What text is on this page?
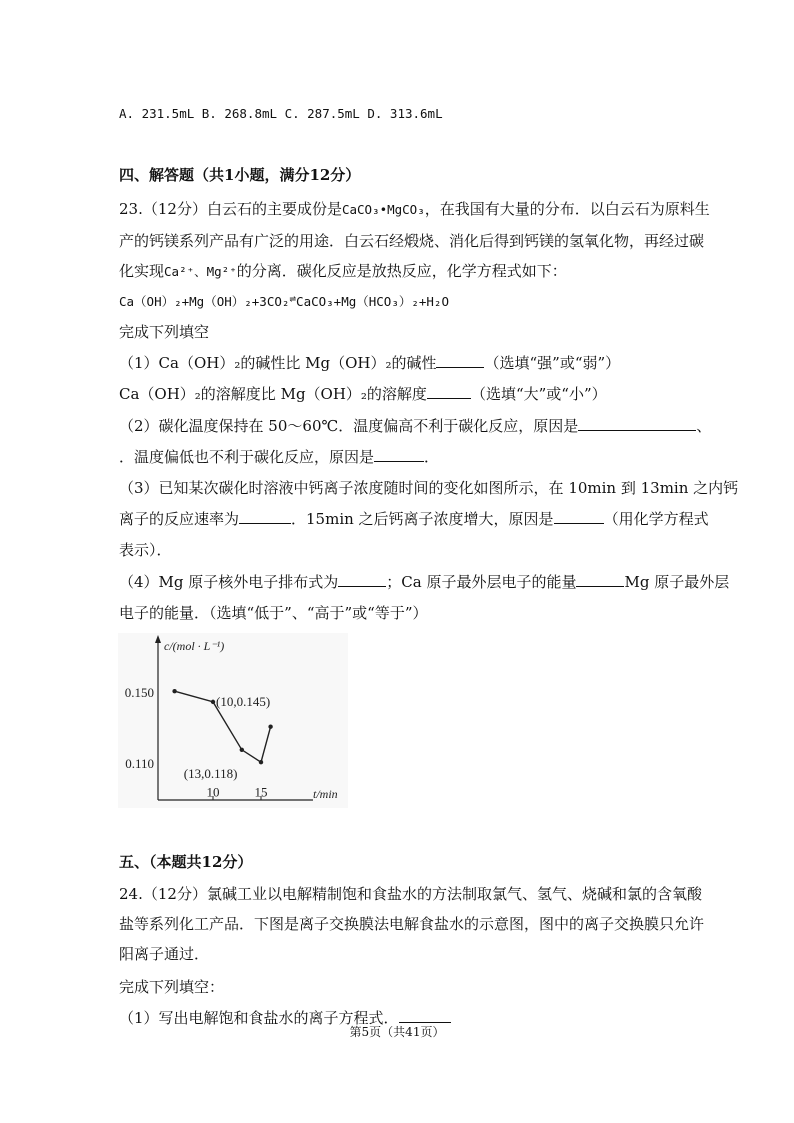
A. 231.5mL B. 268.8mL C. 287.5mL D. 313.6mL
四、解答题（共1小题，满分12分）
23.（12分）白云石的主要成份是CaCO₃•MgCO₃，在我国有大量的分布．以白云石为原料生
产的钙镁系列产品有广泛的用途．白云石经煅烧、消化后得到钙镁的氢氧化物，再经过碳
化实现Ca²⁺、Mg²⁺的分离．碳化反应是放热反应，化学方程式如下：
Ca（OH）₂+Mg（OH）₂+3CO₂⇌CaCO₃+Mg（HCO₃）₂+H₂O
完成下列填空
（1）Ca（OH）₂的碱性比 Mg（OH）₂的碱性	（选填“强”或“弱”）
Ca（OH）₂的溶解度比 Mg（OH）₂的溶解度	（选填“大”或“小”）
（2）碳化温度保持在 50～60℃．温度偏高不利于碳化反应，原因是	、
．温度偏低也不利于碳化反应，原因是	．
（3）已知某次碳化时溶液中钙离子浓度随时间的变化如图所示，在 10min 到 13min 之内钙
离子的反应速率为	．15min 之后钙离子浓度增大，原因是	（用化学方程式
表示）．
（4）Mg 原子核外电子排布式为	；Ca 原子最外层电子的能量	Mg 原子最外层
电子的能量．（选填“低于”、“高于”或“等于”）
c/(mol · L⁻¹)
t/min
10	15
0.150
0.110
(10,0.145)
(13,0.118)
五、（本题共12分）
24.（12分）氯碱工业以电解精制饱和食盐水的方法制取氯气、氢气、烧碱和氯的含氧酸
盐等系列化工产品．下图是离子交换膜法电解食盐水的示意图，图中的离子交换膜只允许
阳离子通过．
完成下列填空：
（1）写出电解饱和食盐水的离子方程式．
第5页（共41页）
